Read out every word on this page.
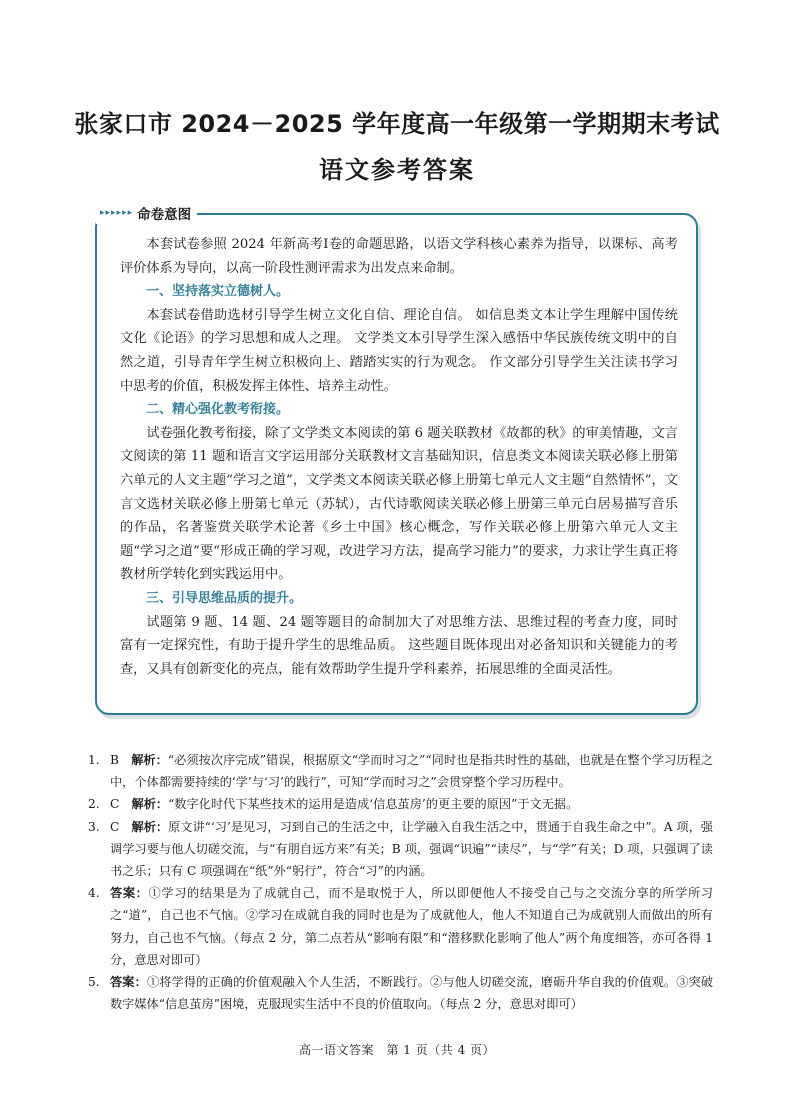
张家口市 2024－2025 学年度高一年级第一学期期末考试
语文参考答案
▸▸▸▸▸▸ 命卷意图

本套试卷参照 2024 年新高考Ⅰ卷的命题思路，以语文学科核心素养为指导，以课标、高考评价体系为导向，以高一阶段性测评需求为出发点来命制。

一、坚持落实立德树人。

本套试卷借助选材引导学生树立文化自信、理论自信。 如信息类文本让学生理解中国传统文化《论语》的学习思想和成人之理。 文学类文本引导学生深入感悟中华民族传统文明中的自然之道，引导青年学生树立积极向上、踏踏实实的行为观念。 作文部分引导学生关注读书学习中思考的价值，积极发挥主体性、培养主动性。

二、精心强化教考衔接。

试卷强化教考衔接，除了文学类文本阅读的第 6 题关联教材《故都的秋》的审美情趣，文言文阅读的第 11 题和语言文字运用部分关联教材文言基础知识，信息类文本阅读关联必修上册第六单元的人文主题“学习之道”，文学类文本阅读关联必修上册第七单元人文主题“自然情怀”，文言文选材关联必修上册第七单元（苏轼），古代诗歌阅读关联必修上册第三单元白居易描写音乐的作品，名著鉴赏关联学术论著《乡土中国》核心概念，写作关联必修上册第六单元人文主题“学习之道”要“形成正确的学习观，改进学习方法，提高学习能力”的要求，力求让学生真正将教材所学转化到实践运用中。

三、引导思维品质的提升。

试题第 9 题、14 题、24 题等题目的命制加大了对思维方法、思维过程的考查力度，同时富有一定探究性，有助于提升学生的思维品质。 这些题目既体现出对必备知识和关键能力的考查，又具有创新变化的亮点，能有效帮助学生提升学科素养，拓展思维的全面灵活性。

1. B  解析：“必须按次序完成”错误，根据原文“学而时习之”“同时也是指共时性的基础，也就是在整个学习历程之中，个体都需要持续的‘学’与‘习’的践行”，可知“学而时习之”会贯穿整个学习历程中。
2. C  解析：“数字化时代下某些技术的运用是造成‘信息茧房’的更主要的原因”于文无据。
3. C  解析：原文讲“‘习’是见习，习到自己的生活之中，让学融入自我生活之中，贯通于自我生命之中”。A 项，强调学习要与他人切磋交流，与“有朋自远方来”有关；B 项，强调“识遍”“读尽”，与“学”有关；D 项，只强调了读书之乐；只有 C 项强调在“纸”外“躬行”，符合“习”的内涵。
4. 答案：①学习的结果是为了成就自己，而不是取悦于人，所以即便他人不接受自己与之交流分享的所学所习之“道”，自己也不气恼。②学习在成就自我的同时也是为了成就他人，他人不知道自己为成就别人而做出的所有努力，自己也不气恼。（每点 2 分，第二点若从“影响有限”和“潜移默化影响了他人”两个角度细答，亦可各得 1 分，意思对即可）
5. 答案：①将学得的正确的价值观融入个人生活，不断践行。②与他人切磋交流，磨砺升华自我的价值观。③突破数字媒体“信息茧房”困境，克服现实生活中不良的价值取向。（每点 2 分，意思对即可）
高一语文答案　第 1 页（共 4 页）
